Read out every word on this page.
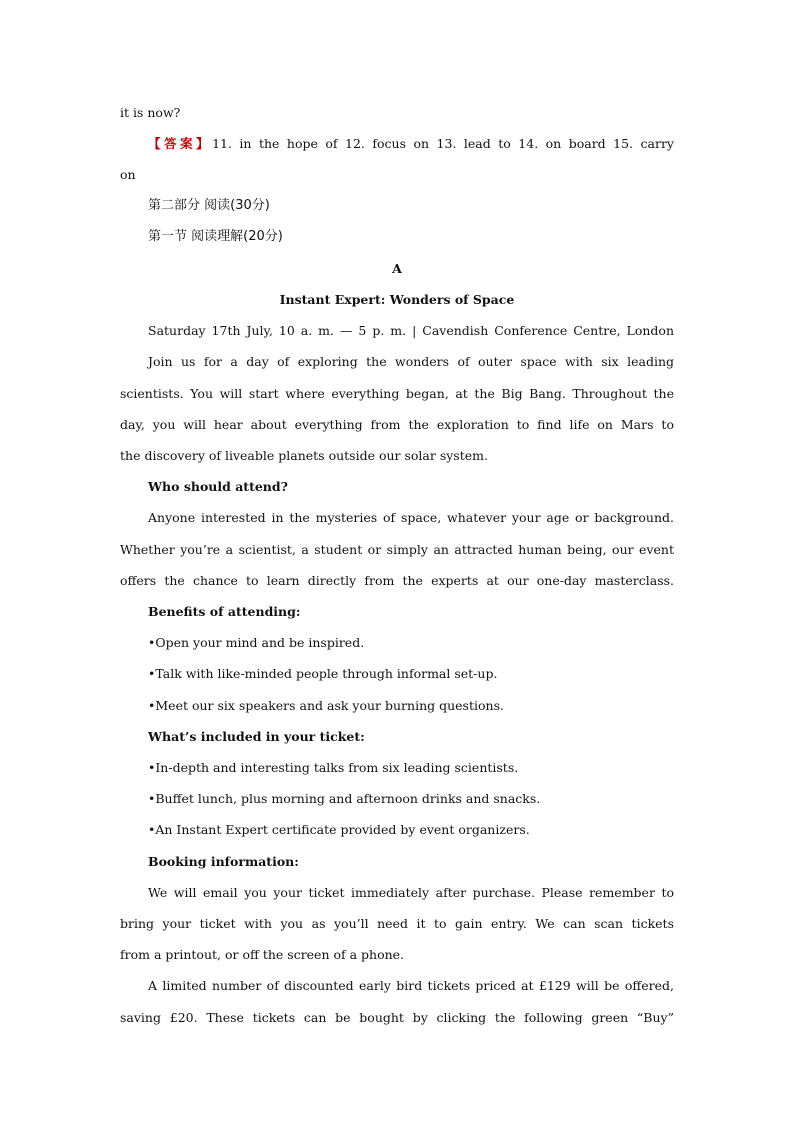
it is now?
【答案】11. in the hope of 12. focus on 13. lead to 14. on board 15. carry
on
第二部分 阅读(30分)
第一节 阅读理解(20分)
A
Instant Expert: Wonders of Space
Saturday 17th July, 10 a. m. — 5 p. m. | Cavendish Conference Centre, London
Join us for a day of exploring the wonders of outer space with six leading
scientists. You will start where everything began, at the Big Bang. Throughout the
day, you will hear about everything from the exploration to find life on Mars to
the discovery of liveable planets outside our solar system.
Who should attend?
Anyone interested in the mysteries of space, whatever your age or background.
Whether you’re a scientist, a student or simply an attracted human being, our event
offers the chance to learn directly from the experts at our one-day masterclass.
Benefits of attending:
•Open your mind and be inspired.
•Talk with like-minded people through informal set-up.
•Meet our six speakers and ask your burning questions.
What’s included in your ticket:
•In-depth and interesting talks from six leading scientists.
•Buffet lunch, plus morning and afternoon drinks and snacks.
•An Instant Expert certificate provided by event organizers.
Booking information:
We will email you your ticket immediately after purchase. Please remember to
bring your ticket with you as you’ll need it to gain entry. We can scan tickets
from a printout, or off the screen of a phone.
A limited number of discounted early bird tickets priced at £129 will be offered,
saving £20. These tickets can be bought by clicking the following green “Buy”
